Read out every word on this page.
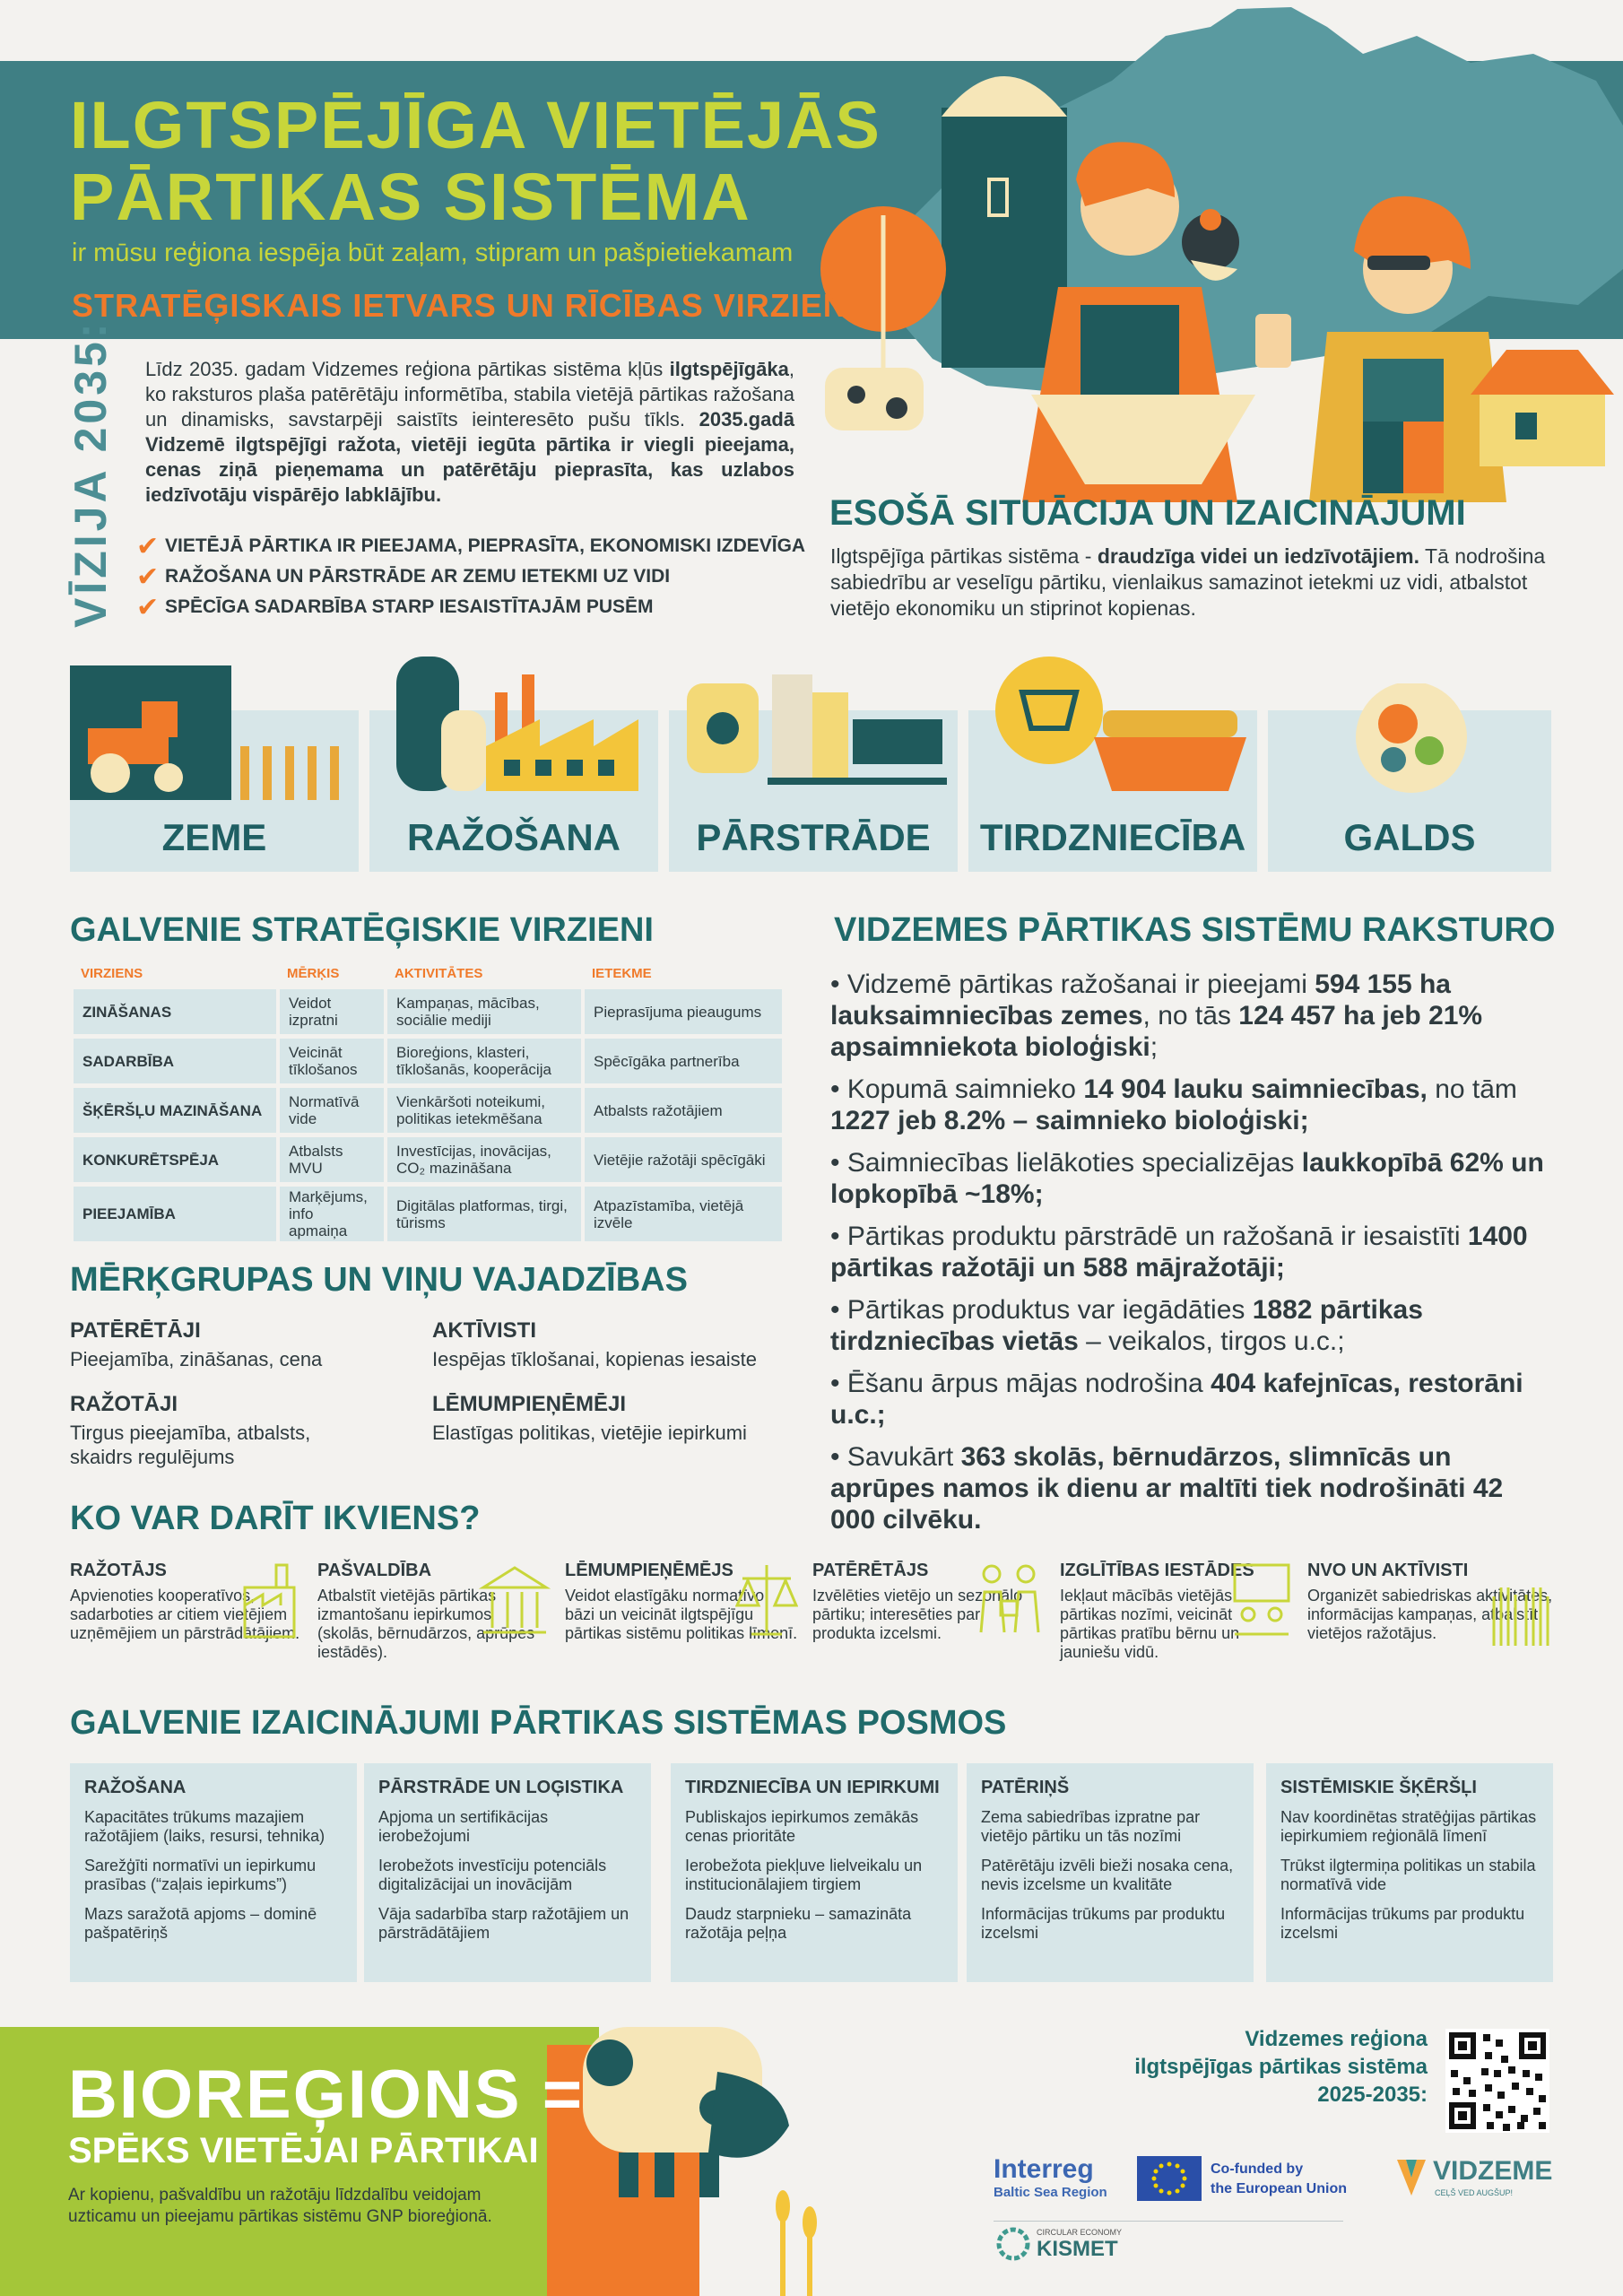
ILGTSPĒJĪGA VIETĒJĀS
PĀRTIKAS SISTĒMA
ir mūsu reģiona iespēja būt zaļam, stipram un pašpietiekamam
STRATĒĢISKAIS IETVARS UN RĪCĪBAS VIRZIENI
VĪZIJA 2035: Līdz 2035. gadam Vidzemes reģiona pārtikas sistēma kļūs ilgtspējīgāka, ko raksturos plaša patērētāju informētība, stabila vietējā pārtikas ražošana un dinamisks, savstarpēji saistīts ieinteresēto pušu tīkls. 2035.gadā Vidzemē ilgtspējīgi ražota, vietēji iegūta pārtika ir viegli pieejama, cenas ziņā pieņemama un patērētāju pieprasīta, kas uzlabos iedzīvotāju vispārējo labklājību.
✔ VIETĒJĀ PĀRTIKA IR PIEEJAMA, PIEPRASĪTA, EKONOMISKI IZDEVĪGA
✔ RAŽOŠANA UN PĀRSTRĀDE AR ZEMU IETEKMI UZ VIDI
✔ SPĒCĪGA SADARBĪBA STARP IESAISTĪTAJĀM PUSĒM
ESOŠĀ SITUĀCIJA UN IZAICINĀJUMI
Ilgtspējīga pārtikas sistēma - draudzīga videi un iedzīvotājiem. Tā nodrošina sabiedrību ar veselīgu pārtiku, vienlaikus samazinot ietekmi uz vidi, atbalstot vietējo ekonomiku un stiprinot kopienas.
ZEME	RAŽOŠANA	PĀRSTRĀDE	TIRDZNIECĪBA	GALDS
GALVENIE STRATĒĢISKIE VIRZIENI
VIRZIENS	MĒRĶIS	AKTIVITĀTES	IETEKME
ZINĀŠANAS	Veidot izpratni	Kampaņas, mācības, sociālie mediji	Pieprasījuma pieaugums
SADARBĪBA	Veicināt tīklošanos	Bioreģions, klasteri, tīklošanās, kooperācija	Spēcīgāka partnerība
ŠĶĒRŠĻU MAZINĀŠANA	Normatīvā vide	Vienkāršoti noteikumi, politikas ietekmēšana	Atbalsts ražotājiem
KONKURĒTSPĒJA	Atbalsts MVU	Investīcijas, inovācijas, CO₂ mazināšana	Vietējie ražotāji spēcīgāki
PIEEJAMĪBA	Marķējums, info apmaiņa	Digitālas platformas, tirgi, tūrisms	Atpazīstamība, vietējā izvēle
MĒRĶGRUPAS UN VIŅU VAJADZĪBAS
PATĒRĒTĀJI
Pieejamība, zināšanas, cena
AKTĪVISTI
Iespējas tīklošanai, kopienas iesaiste
RAŽOTĀJI
Tirgus pieejamība, atbalsts, skaidrs regulējums
LĒMUMPIEŅĒMĒJI
Elastīgas politikas, vietējie iepirkumi
VIDZEMES PĀRTIKAS SISTĒMU RAKSTURO
• Vidzemē pārtikas ražošanai ir pieejami 594 155 ha lauksaimniecības zemes, no tās 124 457 ha jeb 21% apsaimniekota bioloģiski;
• Kopumā saimnieko 14 904 lauku saimniecības, no tām 1227 jeb 8.2% – saimnieko bioloģiski;
• Saimniecības lielākoties specializējas laukkopībā 62% un lopkopībā ~18%;
• Pārtikas produktu pārstrādē un ražošanā ir iesaistīti 1400 pārtikas ražotāji un 588 mājražotāji;
• Pārtikas produktus var iegādāties 1882 pārtikas tirdzniecības vietās – veikalos, tirgos u.c.;
• Ēšanu ārpus mājas nodrošina 404 kafejnīcas, restorāni u.c.;
• Savukārt 363 skolās, bērnudārzos, slimnīcās un aprūpes namos ik dienu ar maltīti tiek nodrošināti 42 000 cilvēku.
KO VAR DARĪT IKVIENS?
RAŽOTĀJS
Apvienoties kooperatīvos, sadarboties ar citiem vietējiem uzņēmējiem un pārstrādātājiem.
PAŠVALDĪBA
Atbalstīt vietējās pārtikas izmantošanu iepirkumos (skolās, bērnudārzos, aprūpes iestādēs).
LĒMUMPIEŅĒMĒJS
Veidot elastīgāku normatīvo bāzi un veicināt ilgtspējīgu pārtikas sistēmu politikas līmenī.
PATĒRĒTĀJS
Izvēlēties vietējo un sezonālo pārtiku; interesēties par produkta izcelsmi.
IZGLĪTĪBAS IESTĀDES
Iekļaut mācībās vietējās pārtikas nozīmi, veicināt pārtikas pratību bērnu un jauniešu vidū.
NVO UN AKTĪVISTI
Organizēt sabiedriskas aktivitātes, informācijas kampaņas, atbalstīt vietējos ražotājus.
GALVENIE IZAICINĀJUMI PĀRTIKAS SISTĒMAS POSMOS
RAŽOŠANA
Kapacitātes trūkums mazajiem ražotājiem (laiks, resursi, tehnika)
Sarežģīti normatīvi un iepirkumu prasības (“zaļais iepirkums”)
Mazs saražotā apjoms – dominē pašpatēriņš
PĀRSTRĀDE UN LOĢISTIKA
Apjoma un sertifikācijas ierobežojumi
Ierobežots investīciju potenciāls digitalizācijai un inovācijām
Vāja sadarbība starp ražotājiem un pārstrādātājiem
TIRDZNIECĪBA UN IEPIRKUMI
Publiskajos iepirkumos zemākās cenas prioritāte
Ierobežota piekļuve lielveikalu un institucionālajiem tirgiem
Daudz starpnieku – samazināta ražotāja peļņa
PATĒRIŅŠ
Zema sabiedrības izpratne par vietējo pārtiku un tās nozīmi
Patērētāju izvēli bieži nosaka cena, nevis izcelsme un kvalitāte
Informācijas trūkums par produktu izcelsmi
SISTĒMISKIE ŠĶĒRŠĻI
Nav koordinētas stratēģijas pārtikas iepirkumiem reģionālā līmenī
Trūkst ilgtermiņa politikas un stabila normatīvā vide
Informācijas trūkums par produktu izcelsmi
BIOREĢIONS =
SPĒKS VIETĒJAI PĀRTIKAI
Ar kopienu, pašvaldību un ražotāju līdzdalību veidojam uzticamu un pieejamu pārtikas sistēmu GNP bioreģionā.
Vidzemes reģiona
ilgtspējīgas pārtikas sistēma
2025-2035:
Interreg
Baltic Sea Region
Co-funded by
the European Union
VIDZEME
CEĻŠ VED AUGŠUP!
CIRCULAR ECONOMY
KISMET
